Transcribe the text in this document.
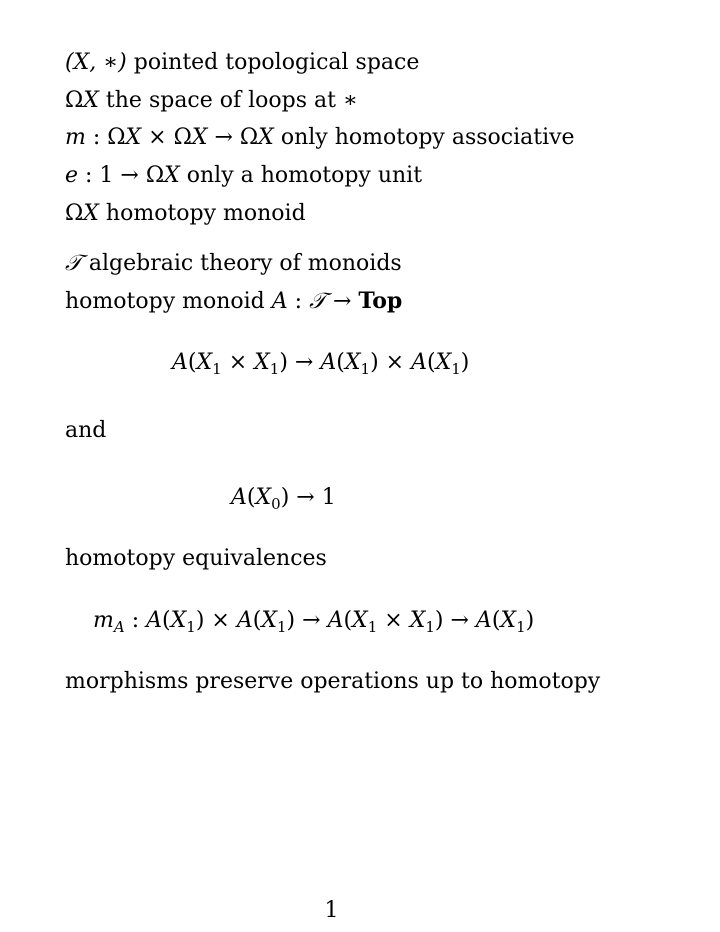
(X, ∗) pointed topological space
ΩX the space of loops at ∗
m : ΩX × ΩX → ΩX only homotopy associative
e : 1 → ΩX only a homotopy unit
ΩX homotopy monoid
𝒯 algebraic theory of monoids
homotopy monoid A : 𝒯 → Top
$A(X_1 \times X_1) \to A(X_1) \times A(X_1)$
and
$A(X_0) \to 1$
homotopy equivalences
$m_A$ : $A(X_1) \times A(X_1) \to A(X_1 \times X_1) \to A(X_1)$
morphisms preserve operations up to homotopy
1
